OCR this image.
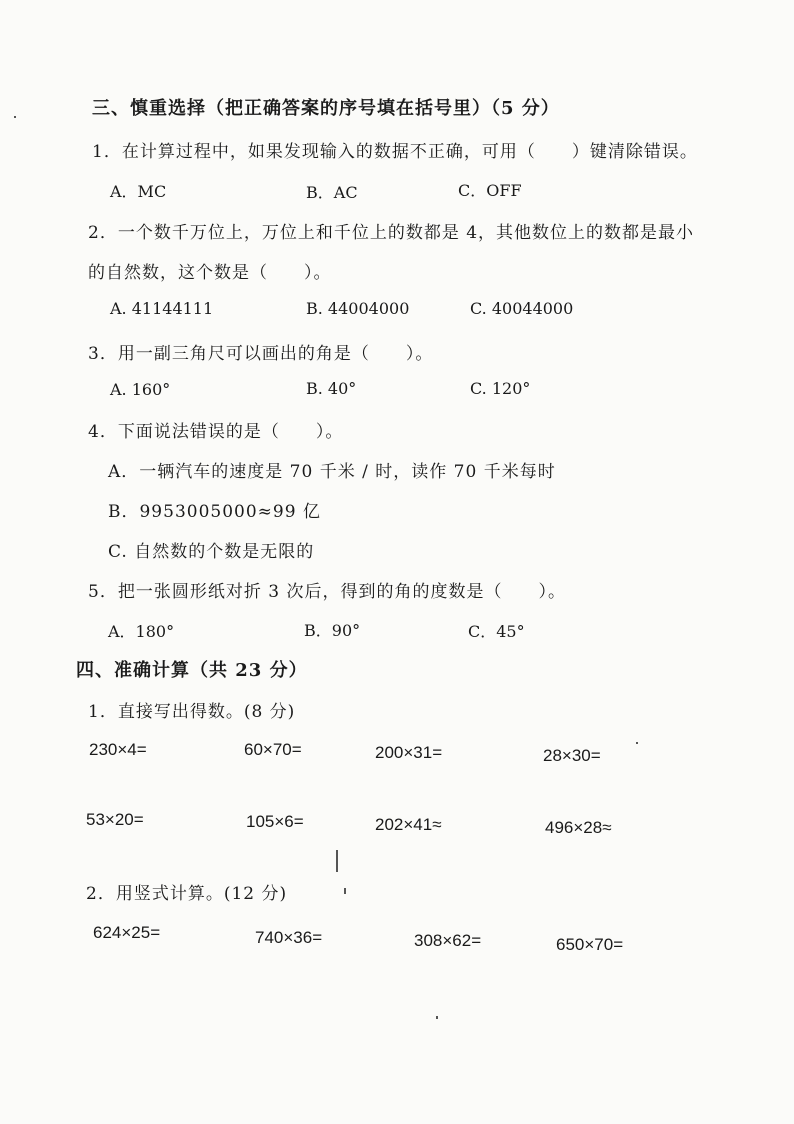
三、慎重选择（把正确答案的序号填在括号里）（5 分）
1．在计算过程中，如果发现输入的数据不正确，可用（　　）键清除错误。
A．MC	B．AC	C．OFF
2．一个数千万位上，万位上和千位上的数都是 4，其他数位上的数都是最小
的自然数，这个数是（　　）。
A. 41144111	B. 44004000	C. 40044000
3．用一副三角尺可以画出的角是（　　）。
A. 160°	B. 40°	C. 120°
4．下面说法错误的是（　　）。
A．一辆汽车的速度是 70 千米 / 时，读作 70 千米每时
B．9953005000≈99 亿
C. 自然数的个数是无限的
5．把一张圆形纸对折 3 次后，得到的角的度数是（　　）。
A．180°	B．90°	C．45°
四、准确计算（共 23 分）
1．直接写出得数。(8 分)
230×4=	60×70=	200×31=	28×30=
53×20=	105×6=	202×41≈	496×28≈
2．用竖式计算。(12 分)
624×25=	740×36=	308×62=	650×70=
